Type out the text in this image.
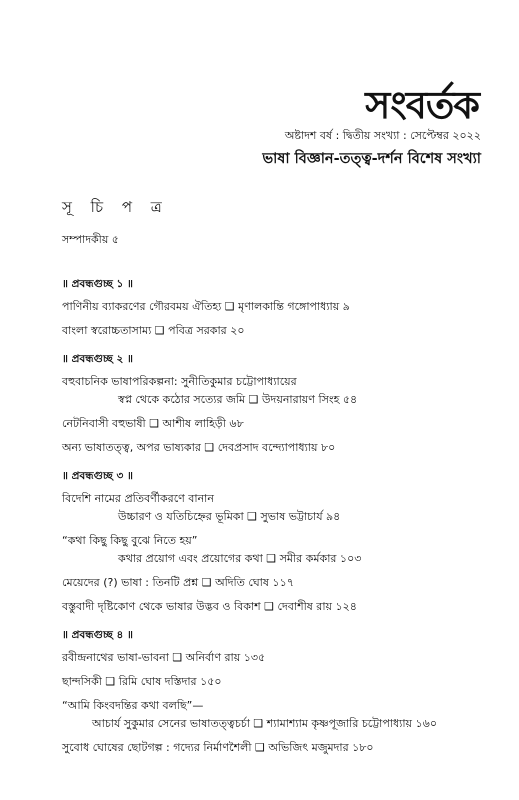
সংবর্তক
অষ্টাদশ বর্ষ : দ্বিতীয় সংখ্যা : সেপ্টেম্বর ২০২২
ভাষা বিজ্ঞান-তত্ত্ব-দর্শন বিশেষ সংখ্যা
সূ চি প ত্র
সম্পাদকীয় ৫
॥ প্রবন্ধগুচ্ছ ১ ॥
পাণিনীয় ব্যাকরণের গৌরবময় ঐতিহ্য ❑ মৃণালকান্তি গঙ্গোপাধ্যায় ৯
বাংলা স্বরোচ্চতাসাম্য ❑ পবিত্র সরকার ২০
॥ প্রবন্ধগুচ্ছ ২ ॥
বহুবাচনিক ভাষাপরিকল্পনা: সুনীতিকুমার চট্টোপাধ্যায়ের
স্বপ্ন থেকে কঠোর সত্যের জমি ❑ উদয়নারায়ণ সিংহ ৫৪
নেটনিবাসী বহুভাষী ❑ আশীষ লাহিড়ী ৬৮
অন্য ভাষাতত্ত্ব, অপর ভাষ্যকার ❑ দেবপ্রসাদ বন্দ্যোপাধ্যায় ৮০
॥ প্রবন্ধগুচ্ছ ৩ ॥
বিদেশি নামের প্রতিবর্ণীকরণে বানান
উচ্চারণ ও যতিচিহ্নের ভূমিকা ❑ সুভাষ ভট্টাচার্য ৯৪
“কথা কিছু কিছু বুঝে নিতে হয়”
কথার প্রয়োগ এবং প্রয়োগের কথা ❑ সমীর কর্মকার ১০৩
মেয়েদের (?) ভাষা : তিনটি প্রশ্ন ❑ অদিতি ঘোষ ১১৭
বস্তুবাদী দৃষ্টিকোণ থেকে ভাষার উদ্ভব ও বিকাশ ❑ দেবাশীষ রায় ১২৪
॥ প্রবন্ধগুচ্ছ ৪ ॥
রবীন্দ্রনাথের ভাষা-ভাবনা ❑ অনির্বাণ রায় ১৩৫
ছান্দসিকী ❑ রিমি ঘোষ দস্তিদার ১৫০
“আমি কিংবদন্তির কথা বলছি”—
আচার্য সুকুমার সেনের ভাষাতত্ত্বচর্চা ❑ শ্যামাশ্যাম কৃষ্ণপূজারি চট্টোপাধ্যায় ১৬০
সুবোধ ঘোষের ছোটগল্প : গদ্যের নির্মাণশৈলী ❑ অভিজিৎ মজুমদার ১৮০
